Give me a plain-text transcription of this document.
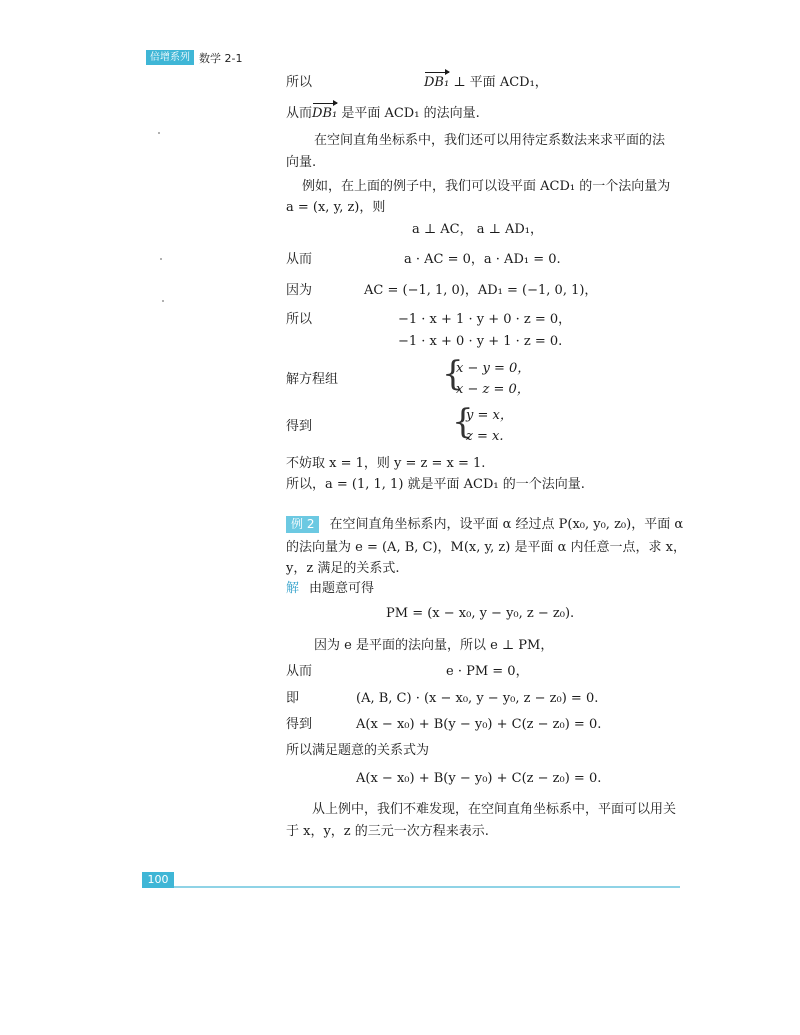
倍增系列 数学 2-1
所以	DB₁ ⊥ 平面 ACD₁，
从而DB₁ 是平面 ACD₁ 的法向量.
在空间直角坐标系中，我们还可以用待定系数法来求平面的法
向量.
例如，在上面的例子中，我们可以设平面 ACD₁ 的一个法向量为
a = (x, y, z)，则
a ⊥ AC， a ⊥ AD₁，
从而	a · AC = 0，a · AD₁ = 0.
因为	AC = (−1, 1, 0)，AD₁ = (−1, 0, 1)，
所以	−1 · x + 1 · y + 0 · z = 0，
−1 · x + 0 · y + 1 · z = 0.
解方程组	{
x − y = 0，
x − z = 0，
得到	{
y = x，
z = x.
不妨取 x = 1，则 y = z = x = 1.
所以，a = (1, 1, 1) 就是平面 ACD₁ 的一个法向量.
例 2 在空间直角坐标系内，设平面 α 经过点 P(x₀, y₀, z₀)，平面 α
的法向量为 e = (A, B, C)，M(x, y, z) 是平面 α 内任意一点，求 x，
y，z 满足的关系式.
解 由题意可得
PM = (x − x₀, y − y₀, z − z₀).
因为 e 是平面的法向量，所以 e ⊥ PM，
从而	e · PM = 0，
即	(A, B, C) · (x − x₀, y − y₀, z − z₀) = 0.
得到	A(x − x₀) + B(y − y₀) + C(z − z₀) = 0.
所以满足题意的关系式为
A(x − x₀) + B(y − y₀) + C(z − z₀) = 0.
从上例中，我们不难发现，在空间直角坐标系中，平面可以用关
于 x，y，z 的三元一次方程来表示.
100
